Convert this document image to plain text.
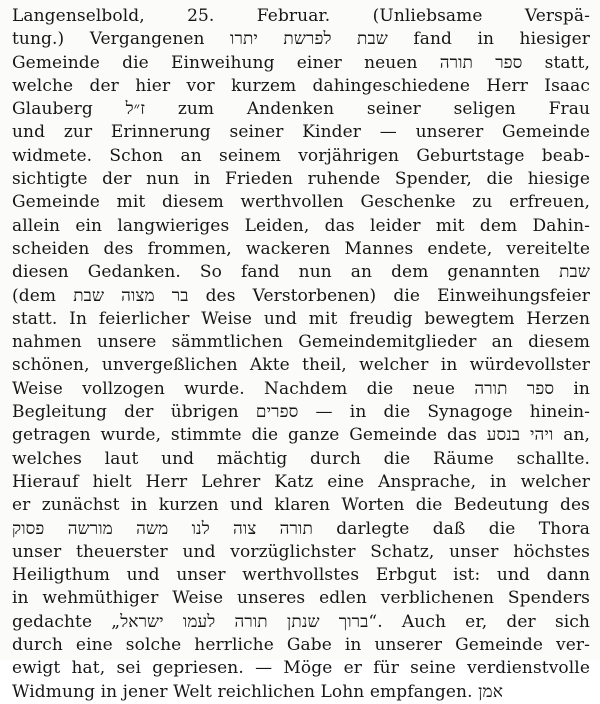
Langenselbold, 25. Februar. (Unliebsame Verspä-
tung.) Vergangenen שבת לפרשת יתרו fand in hiesiger
Gemeinde die Einweihung einer neuen ספר תורה statt,
welche der hier vor kurzem dahingeschiedene Herr Isaac
Glauberg ז״ל zum Andenken seiner seligen Frau
und zur Erinnerung seiner Kinder — unserer Gemeinde
widmete. Schon an seinem vorjährigen Geburtstage beab-
sichtigte der nun in Frieden ruhende Spender, die hiesige
Gemeinde mit diesem werthvollen Geschenke zu erfreuen,
allein ein langwieriges Leiden, das leider mit dem Dahin-
scheiden des frommen, wackeren Mannes endete, vereitelte
diesen Gedanken. So fand nun an dem genannten שבת
(dem בר מצוה שבת des Verstorbenen) die Einweihungsfeier
statt. In feierlicher Weise und mit freudig bewegtem Herzen
nahmen unsere sämmtlichen Gemeindemitglieder an diesem
schönen, unvergeßlichen Akte theil, welcher in würdevollster
Weise vollzogen wurde. Nachdem die neue ספר תורה in
Begleitung der übrigen ספרים — in die Synagoge hinein-
getragen wurde, stimmte die ganze Gemeinde das ויהי בנסע an,
welches laut und mächtig durch die Räume schallte.
Hierauf hielt Herr Lehrer Katz eine Ansprache, in welcher
er zunächst in kurzen und klaren Worten die Bedeutung des
תורה צוה לנו משה מורשה פסוק darlegte daß die Thora
unser theuerster und vorzüglichster Schatz, unser höchstes
Heiligthum und unser werthvollstes Erbgut ist: und dann
in wehmüthiger Weise unseres edlen verblichenen Spenders
gedachte „ברוך שנתן תורה לעמו ישראל“. Auch er, der sich
durch eine solche herrliche Gabe in unserer Gemeinde ver-
ewigt hat, sei gepriesen. — Möge er für seine verdienstvolle
Widmung in jener Welt reichlichen Lohn empfangen. אמן
